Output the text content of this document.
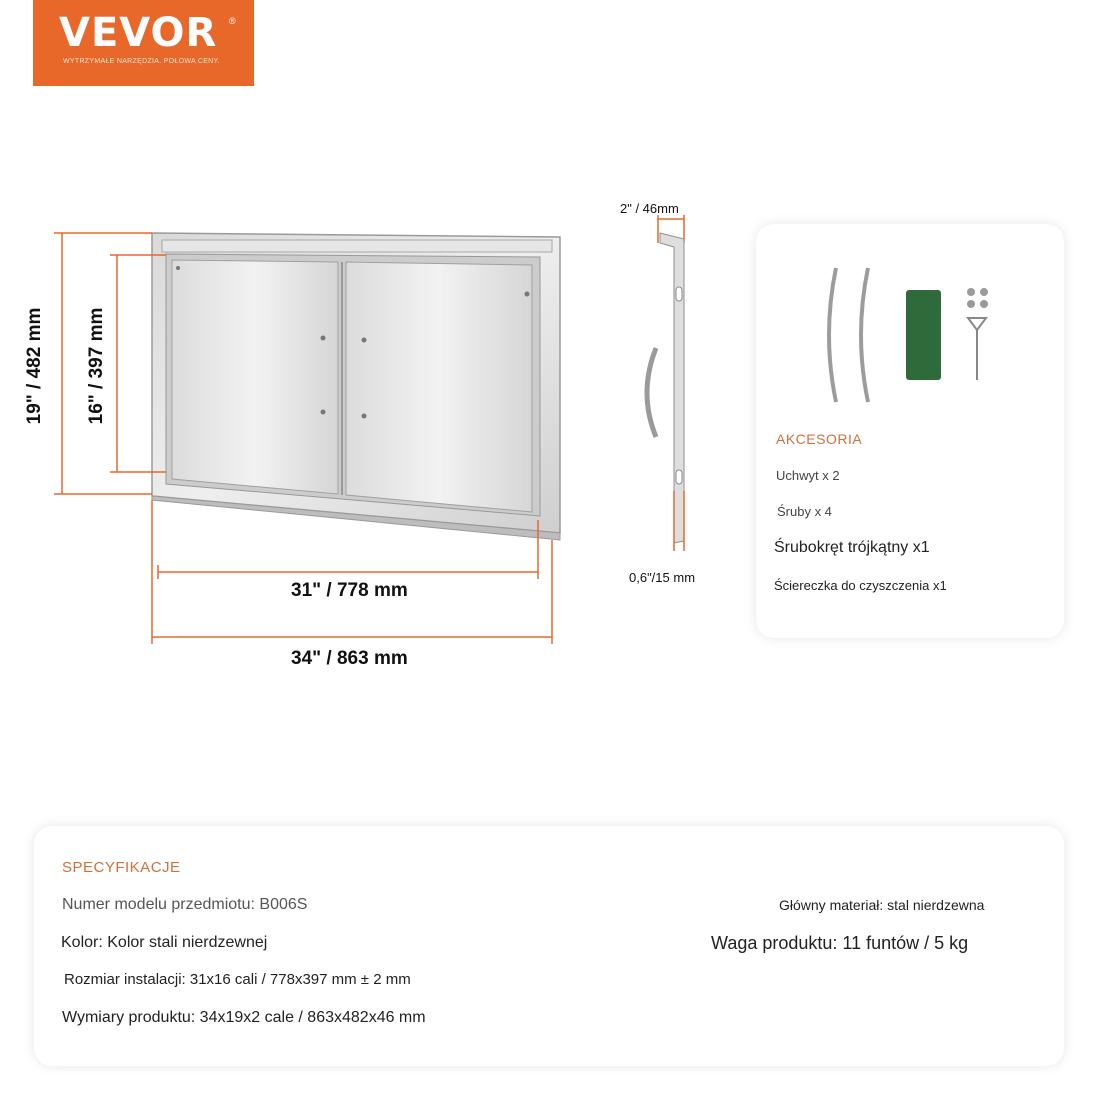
VEVOR ®
WYTRZYMAŁE NARZĘDZIA. POŁOWA CENY.
19" / 482 mm 16" / 397 mm
31" / 778 mm
34" / 863 mm
2" / 46mm
0,6"/15 mm
AKCESORIA
Uchwyt x 2
Śruby x 4
Śrubokręt trójkątny x1
Ściereczka do czyszczenia x1
SPECYFIKACJE
Numer modelu przedmiotu: B006S	Główny materiał: stal nierdzewna
Kolor: Kolor stali nierdzewnej	Waga produktu: 11 funtów / 5 kg
Rozmiar instalacji: 31x16 cali / 778x397 mm ± 2 mm
Wymiary produktu: 34x19x2 cale / 863x482x46 mm
